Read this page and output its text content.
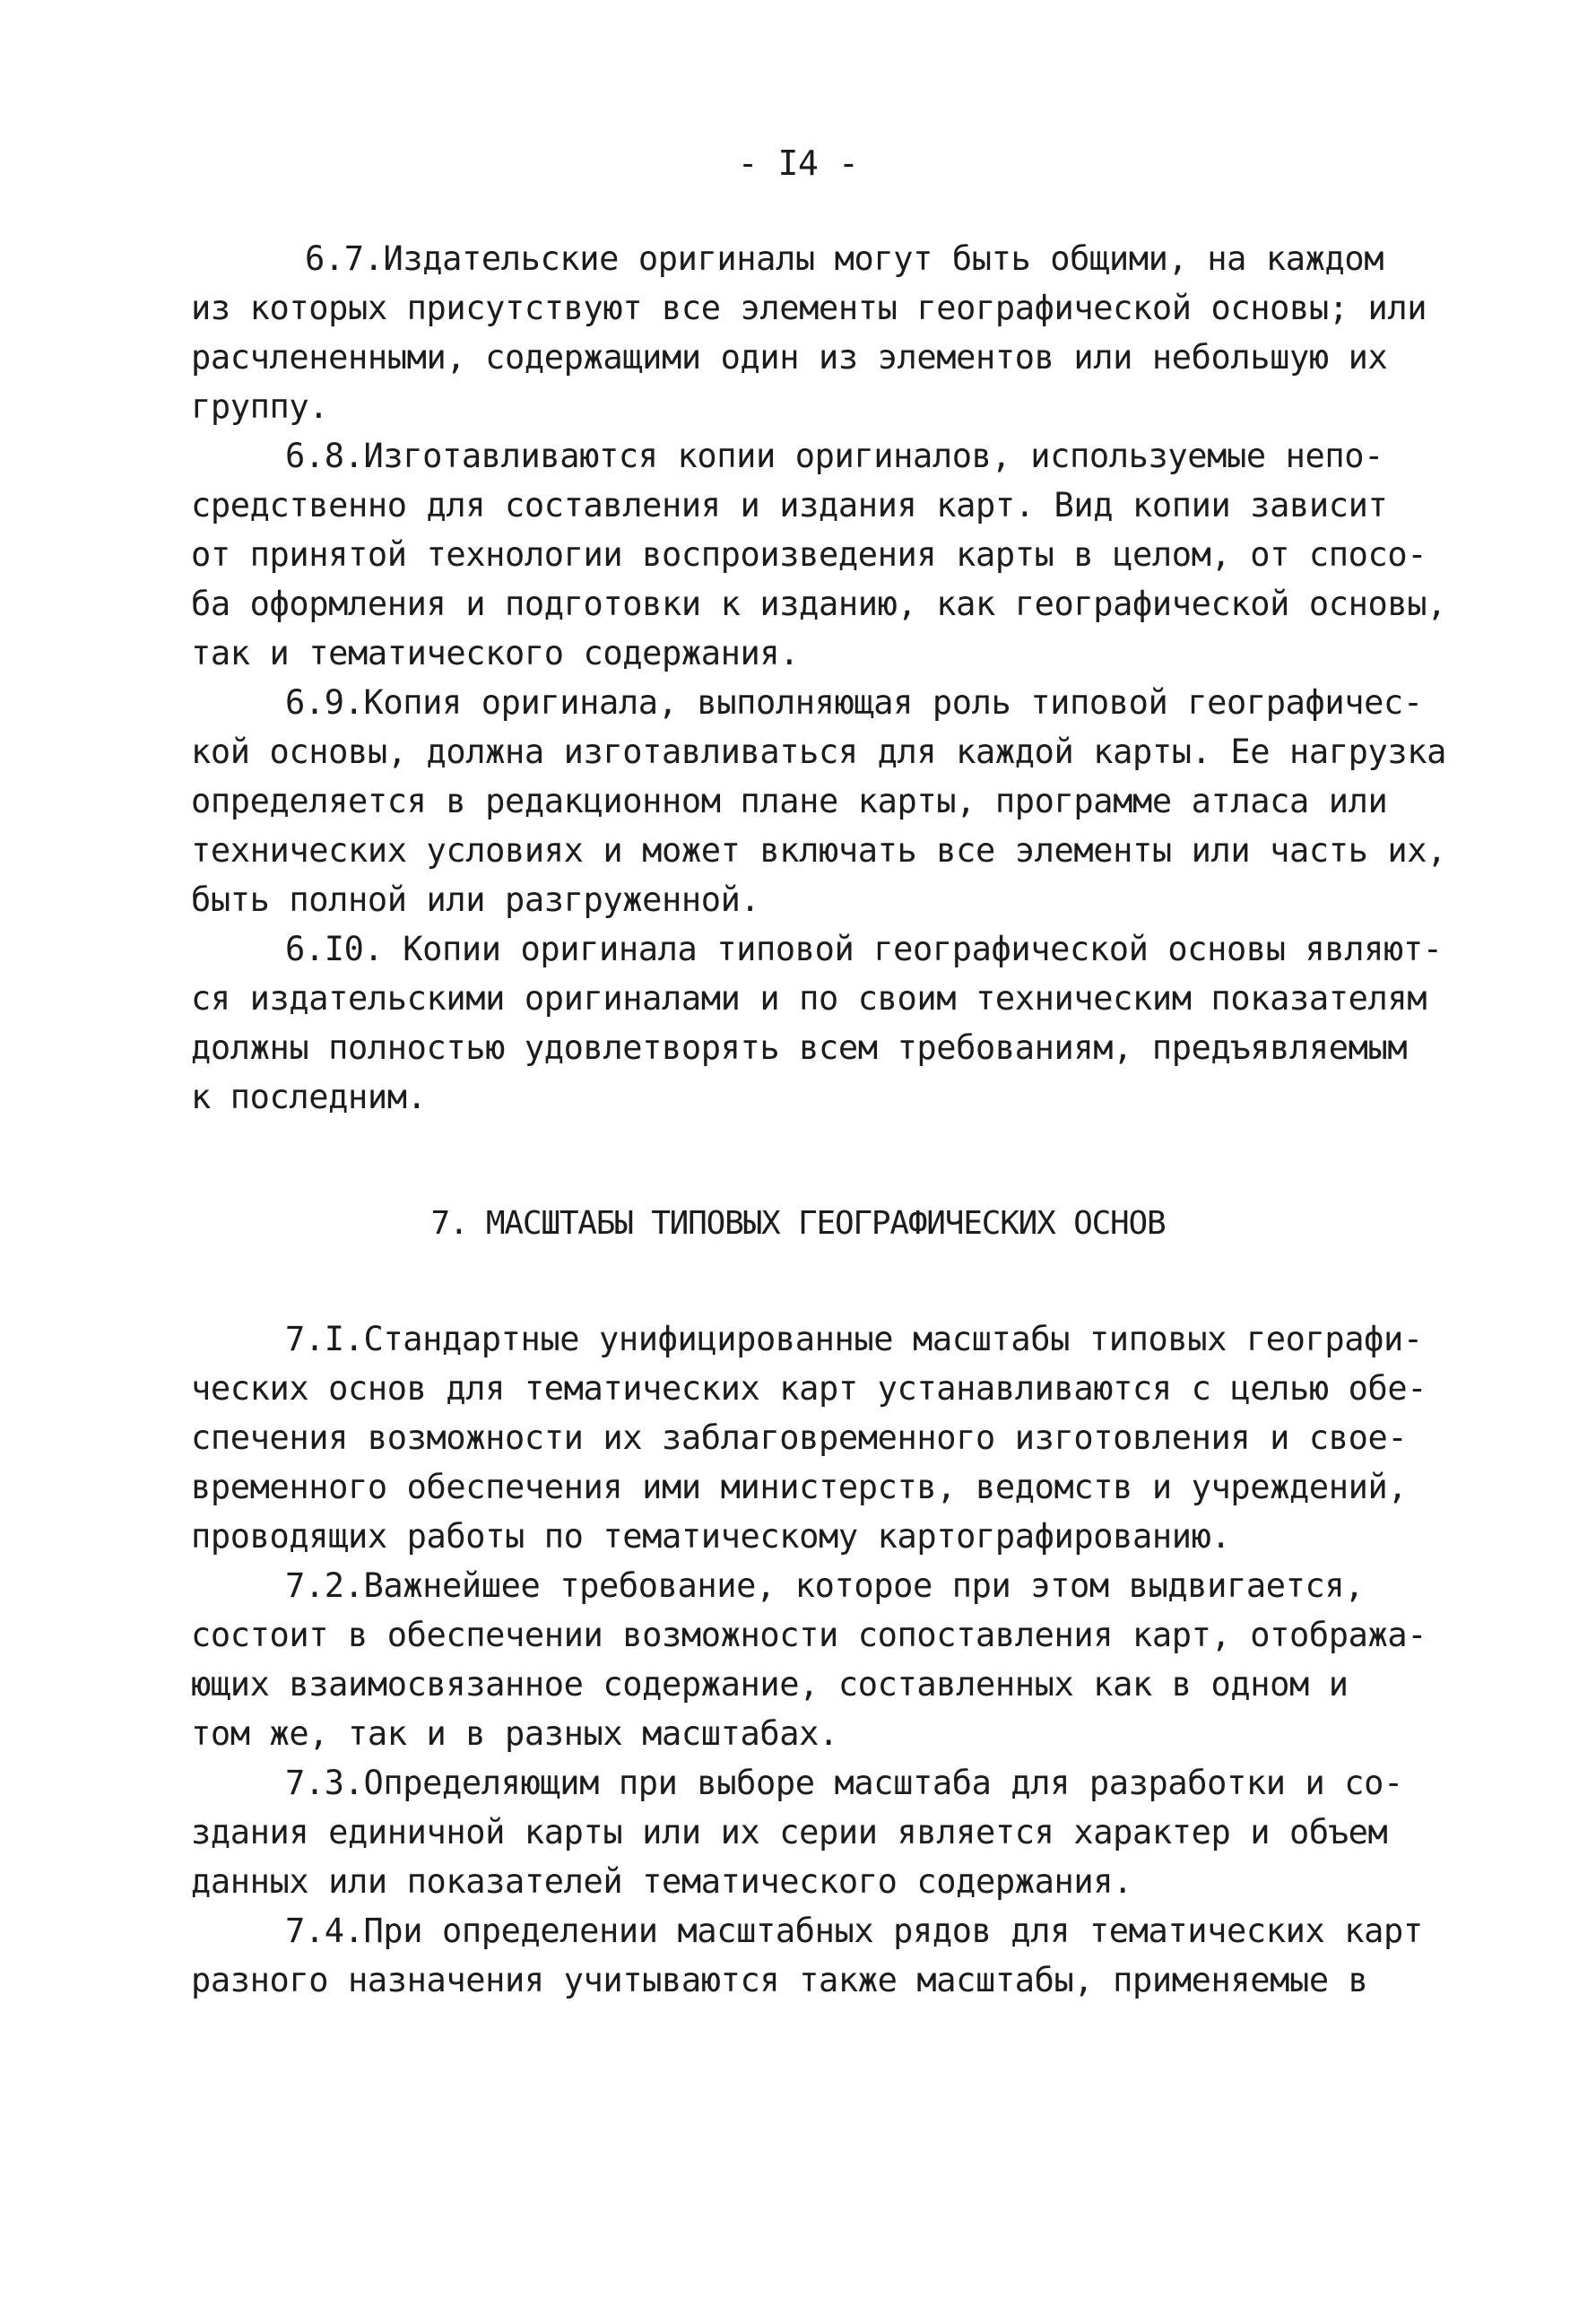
- I4 -
6.7.Издательские оригиналы могут быть общими, на каждом
из которых присутствуют все элементы географической основы; или
расчлененными, содержащими один из элементов или небольшую их
группу.
6.8.Изготавливаются копии оригиналов, используемые непо-
средственно для составления и издания карт. Вид копии зависит
от принятой технологии воспроизведения карты в целом, от спосо-
ба оформления и подготовки к изданию, как географической основы,
так и тематического содержания.
6.9.Копия оригинала, выполняющая роль типовой географичес-
кой основы, должна изготавливаться для каждой карты. Ее нагрузка
определяется в редакционном плане карты, программе атласа или
технических условиях и может включать все элементы или часть их,
быть полной или разгруженной.
6.I0. Копии оригинала типовой географической основы являют-
ся издательскими оригиналами и по своим техническим показателям
должны полностью удовлетворять всем требованиям, предъявляемым
к последним.
7. МАСШТАБЫ ТИПОВЫХ ГЕОГРАФИЧЕСКИХ ОСНОВ
7.I.Стандартные унифицированные масштабы типовых географи-
ческих основ для тематических карт устанавливаются с целью обе-
спечения возможности их заблаговременного изготовления и свое-
временного обеспечения ими министерств, ведомств и учреждений,
проводящих работы по тематическому картографированию.
7.2.Важнейшее требование, которое при этом выдвигается,
состоит в обеспечении возможности сопоставления карт, отобража-
ющих взаимосвязанное содержание, составленных как в одном и
том же, так и в разных масштабах.
7.3.Определяющим при выборе масштаба для разработки и со-
здания единичной карты или их серии является характер и объем
данных или показателей тематического содержания.
7.4.При определении масштабных рядов для тематических карт
разного назначения учитываются также масштабы, применяемые в
